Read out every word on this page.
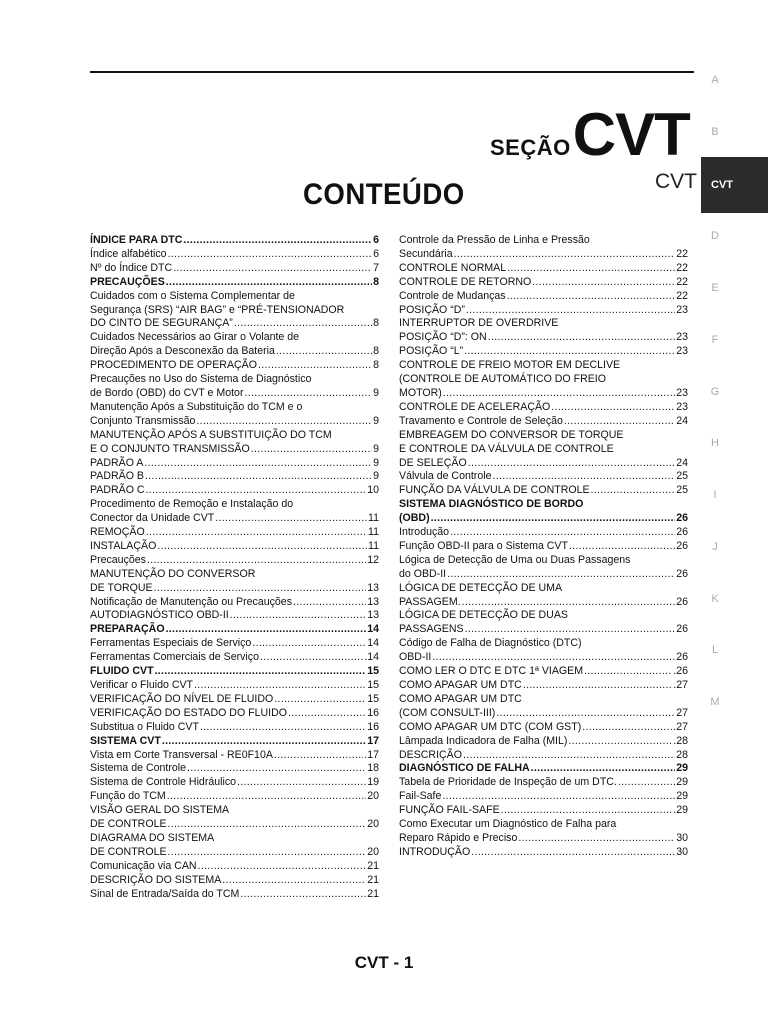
SEÇÃOCVT
CVT
CONTEÚDO
A
B
D
E
F
G
H
I
J
K
L
M
CVT
ÍNDICE PARA DTC .....	6
Índice alfabético .....	6
Nº do Índice DTC .....	7
PRECAUÇÕES .....	8
Cuidados com o Sistema Complementar de
Segurança (SRS) “AIR BAG” e “PRÉ-TENSIONADOR
DO CINTO DE SEGURANÇA” .....	8
Cuidados Necessários ao Girar o Volante de
Direção Após a Desconexão da Bateria .....	8
PROCEDIMENTO DE OPERAÇÃO .....	8
Precauções no Uso do Sistema de Diagnóstico
de Bordo (OBD) do CVT e Motor .....	9
Manutenção Após a Substituição do TCM e o
Conjunto Transmissão .....	9
MANUTENÇÃO APÓS A SUBSTITUIÇÃO DO TCM
E O CONJUNTO TRANSMISSÃO .....	9
PADRÃO A .....	9
PADRÃO B .....	9
PADRÃO C .....	10
Procedimento de Remoção e Instalação do
Conector da Unidade CVT .....	11
REMOÇÃO .....	11
INSTALAÇÃO .....	11
Precauções .....	12
MANUTENÇÃO DO CONVERSOR
DE TORQUE .....	13
Notificação de Manutenção ou Precauções .....	13
AUTODIAGNÓSTICO OBD-II .....	13
PREPARAÇÃO .....	14
Ferramentas Especiais de Serviço .....	14
Ferramentas Comerciais de Serviço .....	.14
FLUIDO CVT .....	15
Verificar o Fluido CVT .....	15
VERIFICAÇÃO DO NÍVEL DE FLUIDO .....	15
VERIFICAÇÃO DO ESTADO DO FLUIDO .....	16
Substitua o Fluido CVT .....	16
SISTEMA CVT .....	17
Vista em Corte Transversal - RE0F10A .....	.17
Sistema de Controle .....	18
Sistema de Controle Hidráulico .....	19
Função do TCM .....	20
VISÃO GERAL DO SISTEMA
DE CONTROLE .....	20
DIAGRAMA DO SISTEMA
DE CONTROLE .....	20
Comunicação via CAN .....	21
DESCRIÇÃO DO SISTEMA .....	21
Sinal de Entrada/Saída do TCM .....	21
Controle da Pressão de Linha e Pressão
Secundária .....	22
CONTROLE NORMAL .....	22
CONTROLE DE RETORNO .....	22
Controle de Mudanças .....	22
POSIÇÃO “D” .....	23
INTERRUPTOR DE OVERDRIVE
POSIÇÃO “D”: ON .....	23
POSIÇÃO “L” .....	23
CONTROLE DE FREIO MOTOR EM DECLIVE
(CONTROLE DE AUTOMÁTICO DO FREIO
MOTOR) .....	23
CONTROLE DE ACELERAÇÃO .....	23
Travamento e Controle de Seleção .....	24
EMBREAGEM DO CONVERSOR DE TORQUE
E CONTROLE DA VÁLVULA DE CONTROLE
DE SELEÇÃO .....	24
Válvula de Controle .....	25
FUNÇÃO DA VÁLVULA DE CONTROLE .....	25
SISTEMA DIAGNÓSTICO DE BORDO
(OBD) .....	26
Introdução .....	26
Função OBD-II para o Sistema CVT .....	26
Lógica de Detecção de Uma ou Duas Passagens
do OBD-II .....	26
LÓGICA DE DETECÇÃO DE UMA
PASSAGEM. .....	26
LÓGICA DE DETECÇÃO DE DUAS
PASSAGENS .....	26
Código de Falha de Diagnóstico (DTC)
OBD-II .....	26
COMO LER O DTC E DTC 1ª VIAGEM .....	.26
COMO APAGAR UM DTC .....	.27
COMO APAGAR UM DTC
(COM CONSULT-III) .....	27
COMO APAGAR UM DTC (COM GST) .....	27
Lâmpada Indicadora de Falha (MIL) .....	.28
DESCRIÇÃO .....	28
DIAGNÓSTICO DE FALHA .....	29
Tabela de Prioridade de Inspeção de um DTC. .....	29
Fail-Safe .....	29
FUNÇÃO FAIL-SAFE .....	.29
Como Executar um Diagnóstico de Falha para
Reparo Rápido e Preciso .....	30
INTRODUÇÃO .....	30
CVT - 1
